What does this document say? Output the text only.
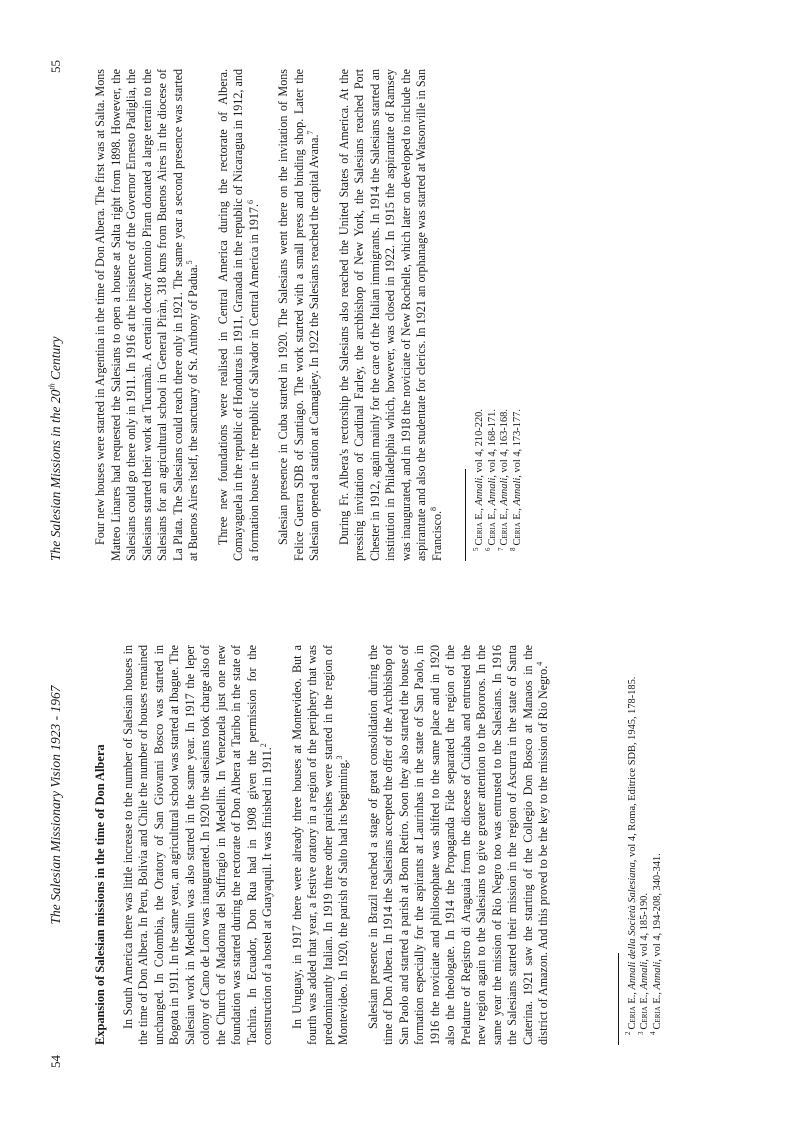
54
The Salesian Missionary Vision 1923 - 1967 Expansion of Salesian missions in the time of Don Albera In South America there was little increase to the number of Salesian houses in the time of Don Albera. In Peru, Bolivia and Chile the number of houses remained unchanged. In Colombia, the Oratory of San Giovanni Bosco was started in Bogota in 1911. In the same year, an agricultural school was started at Ibague. The Salesian work in Medellin was also started in the same year. In 1917 the leper colony of Cano de Loro was inaugurated. In 1920 the salesians took charge also of the Church of Madonna del Suffragio in Medellin. In Venezuela just one new foundation was started during the rectorate of Don Albera at Taribo in the state of Tachira. In Ecuador, Don Rua had in 1908 given the permission for the construction of a hostel at Guayaquil. It was finished in 1911.$^2$	In Uruguay, in 1917 there were already three houses at Montevideo. But a fourth was added that year, a festive oratory in a region of the periphery that was predominantly Italian. In 1919 three other parishes were started in the region of Montevideo. In 1920, the parish of Salto had its beginning.$^3$	Salesian presence in Brazil reached a stage of great consolidation during the time of Don Albera. In 1914 the Salesians accepted the offer of the Archbishop of San Paolo and started a parish at Bom Retiro. Soon they also started the house of formation especially for the aspirants at Laurinhas in the state of San Paolo, in 1916 the noviciate and philosophate was shifted to the same place and in 1920 also the theologate. In 1914 the Propaganda Fide separated the region of the Prelature of Registro di Araguaia from the diocese of Cuiaba and entrusted the new region again to the Salesians to give greater attention to the Bororos. In the same year the mission of Rio Negro too was entrusted to the Salesians. In 1916 the Salesians started their mission in the region of Ascurra in the state of Santa Caterina. 1921 saw the starting of the Collegio Don Bosco at Manaos in the district of Amazon. And this proved to be the key to the mission of Rio Negro.$^4$

$^2$Ceria E., Annali della Società Salesiana, vol 4, Roma, Editrice SDB, 1945, 178-185.

$^3$Ceria E., Annali, vol 4, 185-190.

$^4$Ceria E., Annali, vol 4, 194-208, 340-341.

The Salesian Missions in the 20th Century
55

Four new houses were started in Argentina in the time of Don Albera. The first was at Salta. Mons Matteo Linares had requested the Salesians to open a house at Salta right from 1898. However, the Salesians could go there only in 1911. In 1916 at the insistence of the Governor Ernesto Padiglia, the Salesians started their work at Tucumàn. A certain doctor Antonio Piran donated a large terrain to the Salesians for an agricultural school in General Piràn, 318 kms from Buenos Aires in the diocese of La Plata. The Salesians could reach there only in 1921. The same year a second presence was started at Buenos Aires itself, the sanctuary of St. Anthony of Padua.$^5$	Three new foundations were realised in Central America during the rectorate of Albera. Comayaguela in the republic of Honduras in 1911, Granada in the republic of Nicaragua in 1912, and a formation house in the republic of Salvador in Central America in 1917.$^6$	Salesian presence in Cuba started in 1920. The Salesians went there on the invitation of Mons Felice Guerra SDB of Santiago. The work started with a small press and binding shop. Later the Salesian opened a station at Camagüey. In 1922 the Salesians reached the capital Avana.$^7$	During Fr. Albera's rectorship the Salesians also reached the United States of America. At the pressing invitation of Cardinal Farley, the archbishop of New York, the Salesians reached Port Chester in 1912, again mainly for the care of the Italian immigrants. In 1914 the Salesians started an institution in Philadelphia which, however, was closed in 1922. In 1915 the aspirantate of Ramsey was inaugurated, and in 1918 the noviciate of New Rochelle, which later on developed to include the aspirantate and also the studentate for clerics. In 1921 an orphanage was started at Watsonville in San Francisco.$^8$

$^5$Ceria E., Annali, vol 4, 210-220.

$^6$Ceria E., Annali, vol 4, 168-171.

$^7$Ceria E., Annali, vol 4, 163-168.

$^8$Ceria E., Annali, vol 4, 173-177.
